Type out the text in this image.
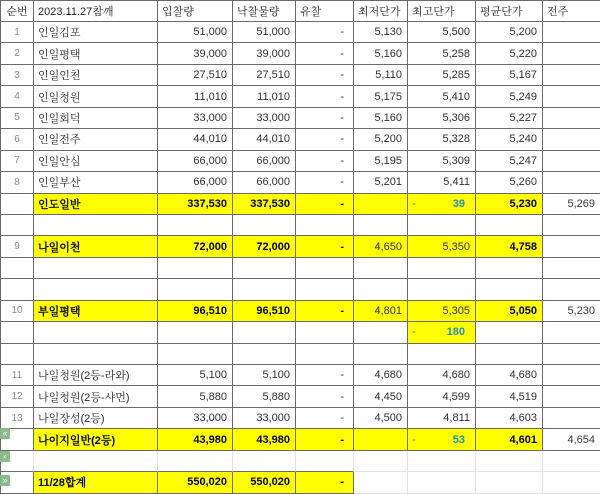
순번	2023.11.27참깨	입찰량	낙찰물량	유찰	최저단가	최고단가	평균단가	전주
1	인일김포	51,000	51,000	-	5,130	5,500	5,200	
2	인일평택	39,000	39,000	-	5,160	5,258	5,220	
3	인일인천	27,510	27,510	-	5,110	5,285	5,167	
4	인일청원	11,010	11,010	-	5,175	5,410	5,249	
5	인일회덕	33,000	33,000	-	5,160	5,306	5,227	
6	인일전주	44,010	44,010	-	5,200	5,328	5,240	
7	인일안심	66,000	66,000	-	5,195	5,309	5,247	
8	인일부산	66,000	66,000	-	5,201	5,411	5,260	
	인도일반	337,530	337,530	-		- 39	5,230	5,269

9	나일이천	72,000	72,000	-	4,650	5,350	4,758	

10	부일평택	96,510	96,510	-	4,801	5,305	5,050	5,230

						- 180		

11	나일청원(2등-라와)	5,100	5,100	-	4,680	4,680	4,680	
12	나일청원(2등-샤먼)	5,880	5,880	-	4,450	4,599	4,519	
13	나일장성(2등)	33,000	33,000	-	4,500	4,811	4,603	
	나이지일반(2등)	43,980	43,980	-		- 53	4,601	4,654

	11/28합계	550,020	550,020	-				
«
‹
»
